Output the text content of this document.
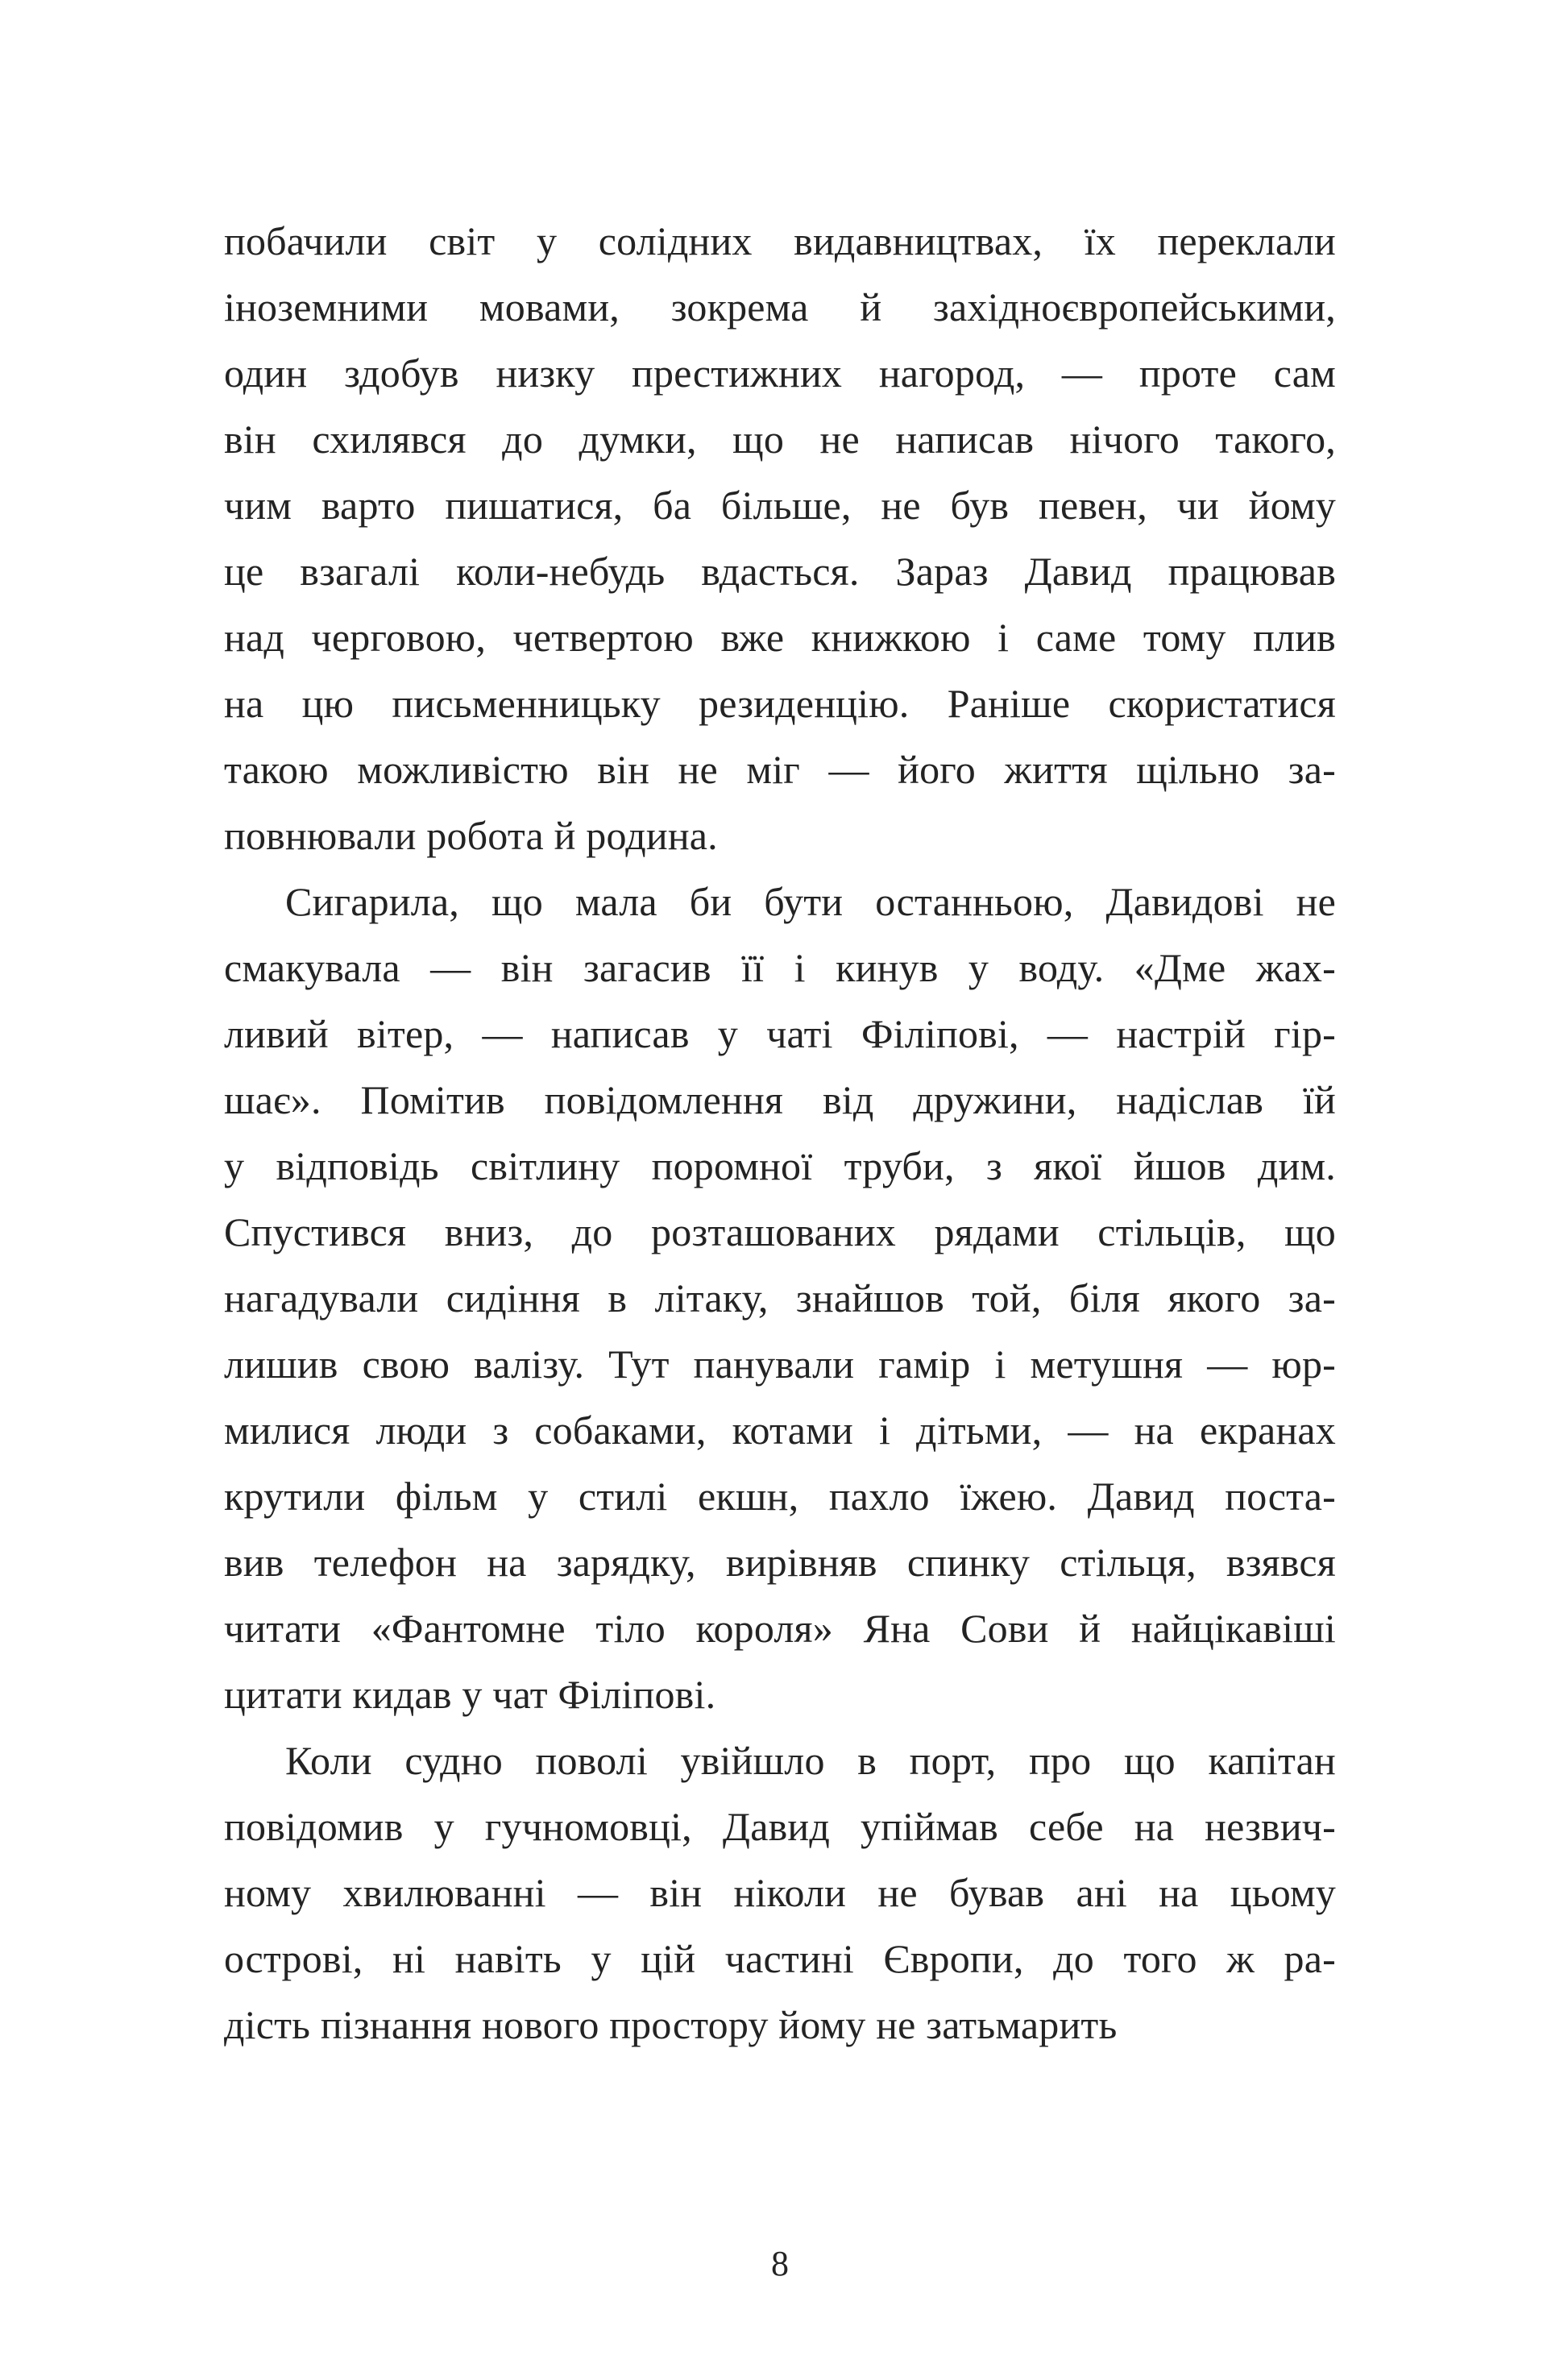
побачили світ у солідних видавництвах, їх переклали
іноземними мовами, зокрема й західноєвропейськими,
один здобув низку престижних нагород, — проте сам
він схилявся до думки, що не написав нічого такого,
чим варто пишатися, ба більше, не був певен, чи йому
це взагалі коли-небудь вдасться. Зараз Давид працював
над черговою, четвертою вже книжкою і саме тому плив
на цю письменницьку резиденцію. Раніше скористатися
такою можливістю він не міг — його життя щільно за-
повнювали робота й родина.
Сигарила, що мала би бути останньою, Давидові не
смакувала — він загасив її і кинув у воду. «Дме жах-
ливий вітер, — написав у чаті Філіпові, — настрій гір-
шає». Помітив повідомлення від дружини, надіслав їй
у відповідь світлину поромної труби, з якої йшов дим.
Спустився вниз, до розташованих рядами стільців, що
нагадували сидіння в літаку, знайшов той, біля якого за-
лишив свою валізу. Тут панували гамір і метушня — юр-
милися люди з собаками, котами і дітьми, — на екранах
крутили фільм у стилі екшн, пахло їжею. Давид поста-
вив телефон на зарядку, вирівняв спинку стільця, взявся
читати «Фантомне тіло короля» Яна Сови й найцікавіші
цитати кидав у чат Філіпові.
Коли судно поволі увійшло в порт, про що капітан
повідомив у гучномовці, Давид упіймав себе на незвич-
ному хвилюванні — він ніколи не бував ані на цьому
острові, ні навіть у цій частині Європи, до того ж ра-
дість пізнання нового простору йому не затьмарить
8
